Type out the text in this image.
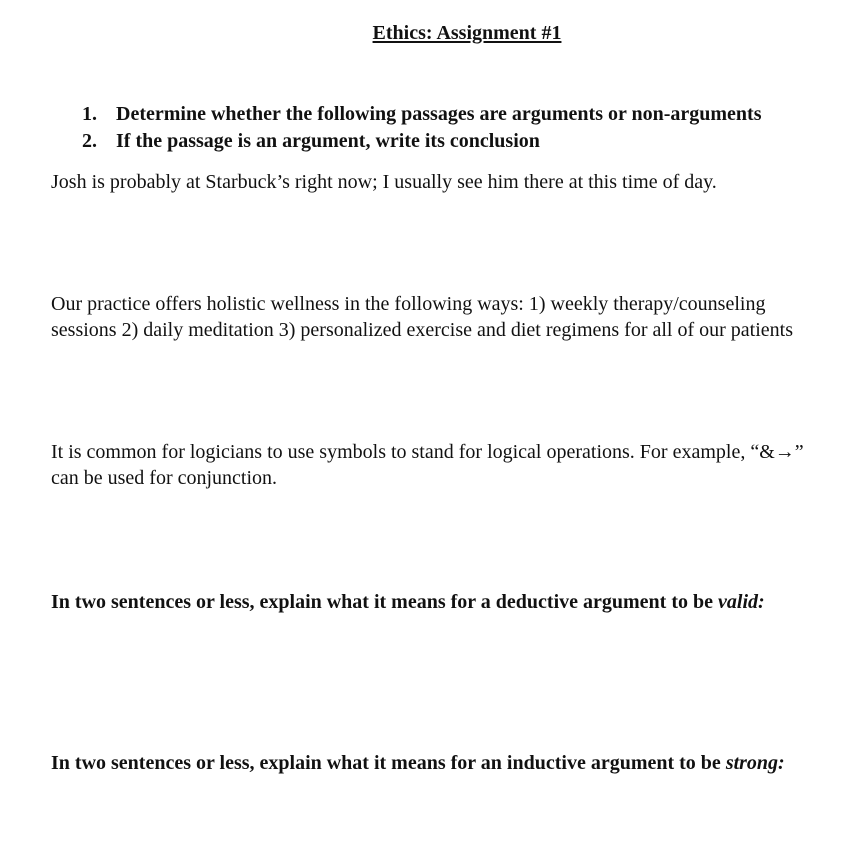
Ethics: Assignment #1
1. Determine whether the following passages are arguments or non-arguments
2. If the passage is an argument, write its conclusion

Josh is probably at Starbuck’s right now; I usually see him there at this time of day.

Our practice offers holistic wellness in the following ways: 1) weekly therapy/counseling
sessions 2) daily meditation 3) personalized exercise and diet regimens for all of our patients

It is common for logicians to use symbols to stand for logical operations. For example, “&→”
can be used for conjunction.

In two sentences or less, explain what it means for a deductive argument to be valid:

In two sentences or less, explain what it means for an inductive argument to be strong:
